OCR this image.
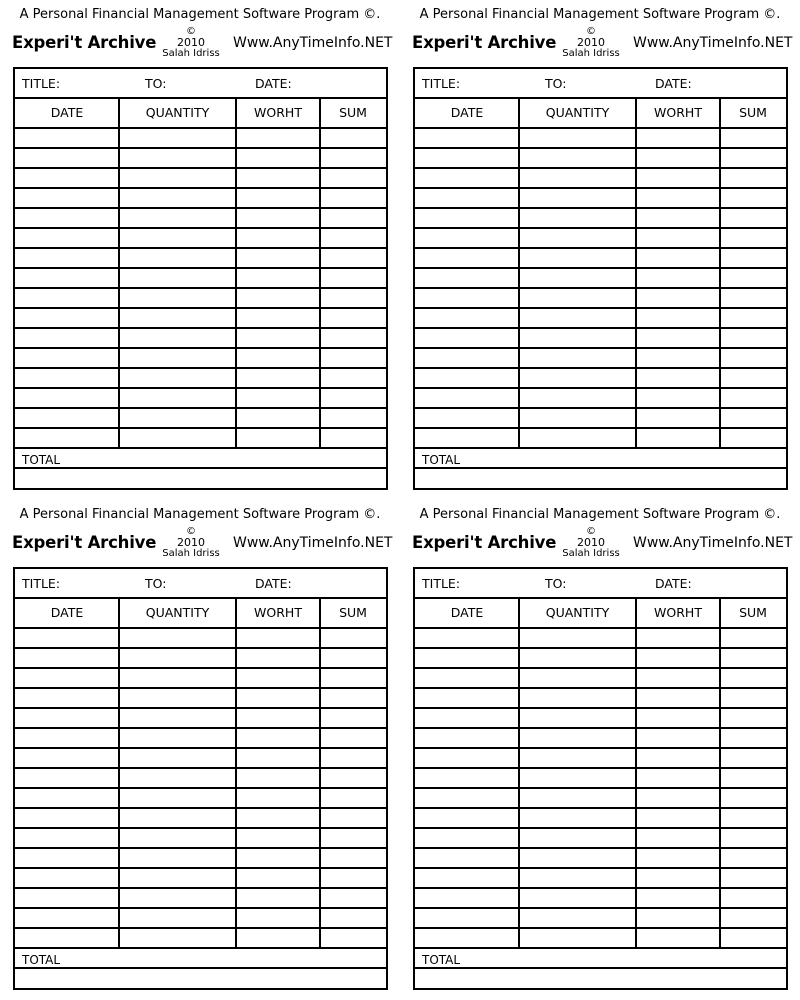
A Personal Financial Management Software Program ©.
Experi't Archive
©
2010
Salah Idriss
Www.AnyTimeInfo.NET
TITLE:	TO:	DATE:
DATE	QUANTITY	WORHT	SUM
TOTAL
A Personal Financial Management Software Program ©.
Experi't Archive
©
2010
Salah Idriss
Www.AnyTimeInfo.NET
TITLE:	TO:	DATE:
DATE	QUANTITY	WORHT	SUM
TOTAL
A Personal Financial Management Software Program ©.
Experi't Archive
©
2010
Salah Idriss
Www.AnyTimeInfo.NET
TITLE:	TO:	DATE:
DATE	QUANTITY	WORHT	SUM
TOTAL
A Personal Financial Management Software Program ©.
Experi't Archive
©
2010
Salah Idriss
Www.AnyTimeInfo.NET
TITLE:	TO:	DATE:
DATE	QUANTITY	WORHT	SUM
TOTAL
